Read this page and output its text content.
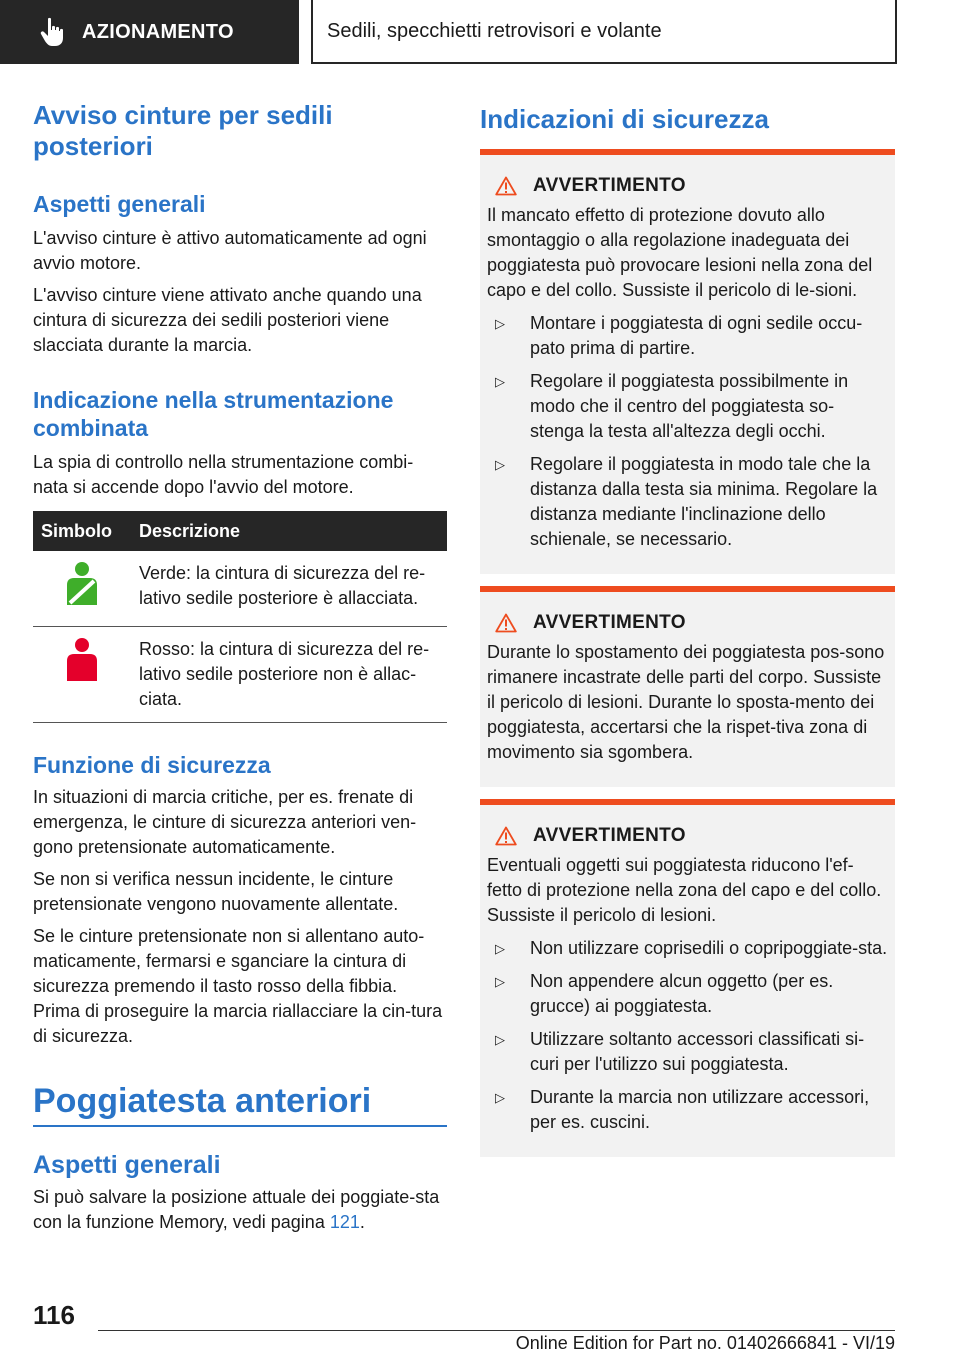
AZIONAMENTO	Sedili, specchietti retrovisori e volante
Avviso cinture per sedili posteriori
Aspetti generali

L'avviso cinture è attivo automaticamente ad ogni avvio motore.

L'avviso cinture viene attivato anche quando una cintura di sicurezza dei sedili posteriori viene slacciata durante la marcia.

Indicazione nella strumentazione combinata

La spia di controllo nella strumentazione combi-nata si accende dopo l'avvio del motore.

Simbolo	Descrizione
	Verde: la cintura di sicurezza del re-lativo sedile posteriore è allacciata.
	Rosso: la cintura di sicurezza del re-lativo sedile posteriore non è allac-ciata.
Funzione di sicurezza

In situazioni di marcia critiche, per es. frenate di emergenza, le cinture di sicurezza anteriori ven-gono pretensionate automaticamente.

Se non si verifica nessun incidente, le cinture pretensionate vengono nuovamente allentate.

Se le cinture pretensionate non si allentano auto-maticamente, fermarsi e sganciare la cintura di sicurezza premendo il tasto rosso della fibbia. Prima di proseguire la marcia riallacciare la cin-tura di sicurezza.

Poggiatesta anteriori
Aspetti generali

Si può salvare la posizione attuale dei poggiate-sta con la funzione Memory, vedi pagina 121.

Indicazioni di sicurezza
AVVERTIMENTO

Il mancato effetto di protezione dovuto allo smontaggio o alla regolazione inadeguata dei poggiatesta può provocare lesioni nella zona del capo e del collo. Sussiste il pericolo di le-sioni.

▷	Montare i poggiatesta di ogni sedile occu-pato prima di partire.
▷	Regolare il poggiatesta possibilmente in modo che il centro del poggiatesta so-stenga la testa all'altezza degli occhi.
▷	Regolare il poggiatesta in modo tale che la distanza dalla testa sia minima. Regolare la distanza mediante l'inclinazione dello schienale, se necessario.
AVVERTIMENTO

Durante lo spostamento dei poggiatesta pos-sono rimanere incastrate delle parti del corpo. Sussiste il pericolo di lesioni. Durante lo sposta-mento dei poggiatesta, accertarsi che la rispet-tiva zona di movimento sia sgombera.

AVVERTIMENTO

Eventuali oggetti sui poggiatesta riducono l'ef-fetto di protezione nella zona del capo e del collo. Sussiste il pericolo di lesioni.

▷	Non utilizzare coprisedili o copripoggiate-sta.
▷	Non appendere alcun oggetto (per es. grucce) ai poggiatesta.
▷	Utilizzare soltanto accessori classificati si-curi per l'utilizzo sui poggiatesta.
▷	Durante la marcia non utilizzare accessori, per es. cuscini.
116
Online Edition for Part no. 01402666841 - VI/19
